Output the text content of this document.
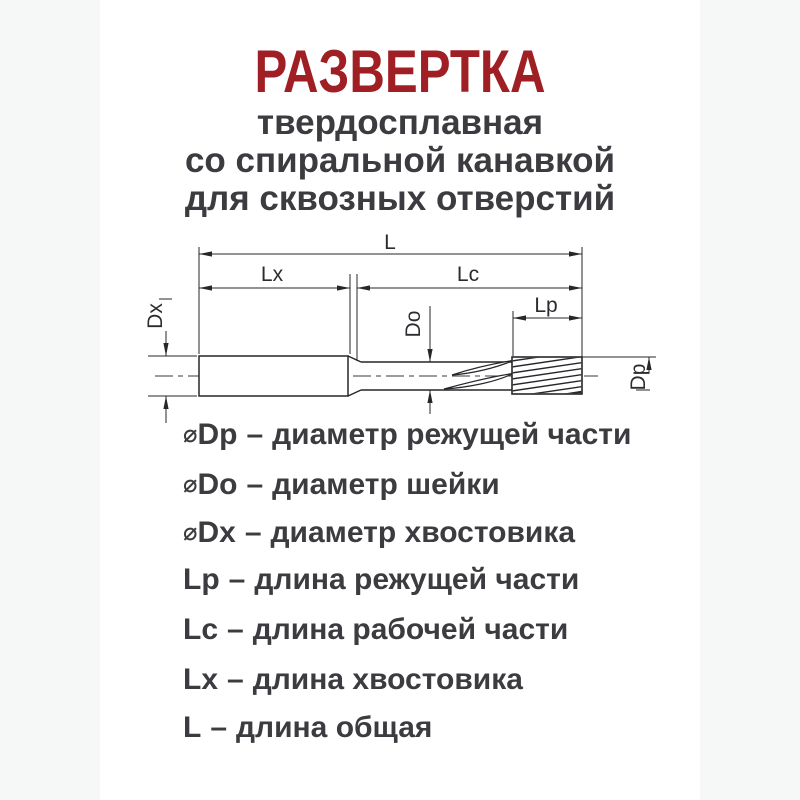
РАЗВЕРТКА
твердосплавная
со спиральной канавкой
для сквозных отверстий
L
Lx	Lc
Lp
Dx	Do
Dp
⌀Dp – диаметр режущей части
⌀Do – диаметр шейки
⌀Dx – диаметр хвостовика
Lp – длина режущей части
Lc – длина рабочей части
Lx – длина хвостовика
L – длина общая
